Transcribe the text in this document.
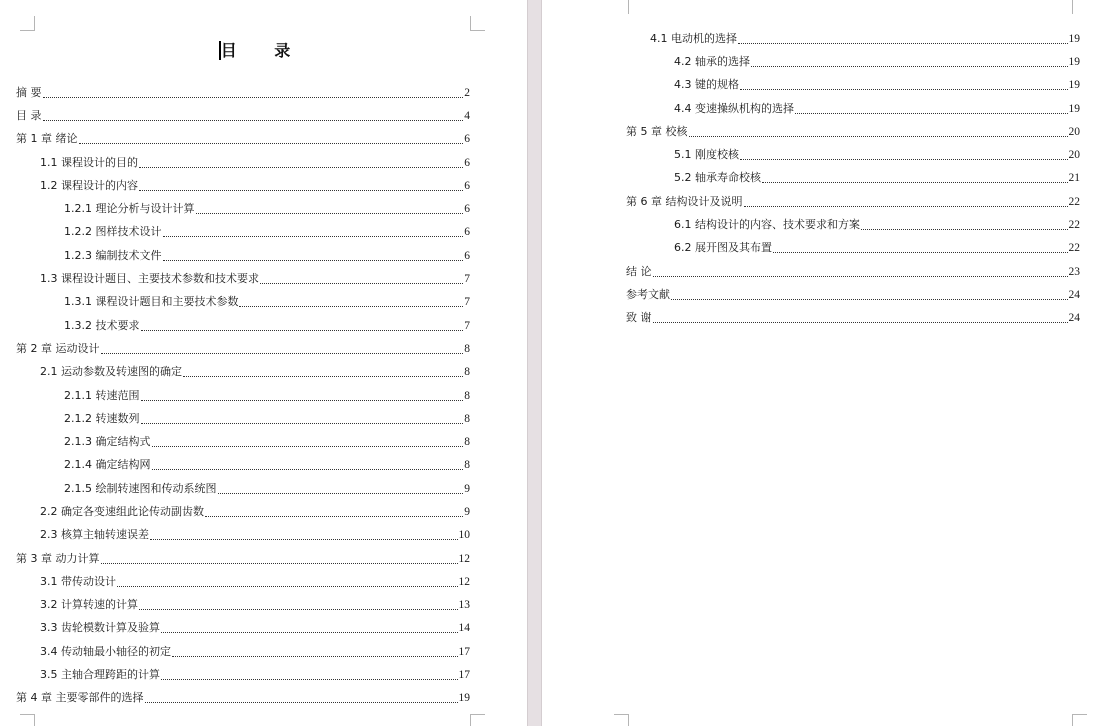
目 录
摘 要	2
目 录	4
第 1 章 绪论	6
1.1 课程设计的目的	6
1.2 课程设计的内容	6
1.2.1 理论分析与设计计算	6
1.2.2 图样技术设计	6
1.2.3 编制技术文件	6
1.3 课程设计题目、主要技术参数和技术要求	7
1.3.1 课程设计题目和主要技术参数	7
1.3.2 技术要求	7
第 2 章 运动设计	8
2.1 运动参数及转速图的确定	8
2.1.1 转速范围	8
2.1.2 转速数列	8
2.1.3 确定结构式	8
2.1.4 确定结构网	8
2.1.5 绘制转速图和传动系统图	9
2.2 确定各变速组此论传动副齿数	9
2.3 核算主轴转速误差	10
第 3 章 动力计算	12
3.1 带传动设计	12
3.2 计算转速的计算	13
3.3 齿轮模数计算及验算	14
3.4 传动轴最小轴径的初定	17
3.5 主轴合理跨距的计算	17
第 4 章 主要零部件的选择	19
4.1 电动机的选择	19
4.2 轴承的选择	19
4.3 键的规格	19
4.4 变速操纵机构的选择	19
第 5 章 校核	20
5.1 刚度校核	20
5.2 轴承寿命校核	21
第 6 章 结构设计及说明	22
6.1 结构设计的内容、技术要求和方案	22
6.2 展开图及其布置	22
结 论	23
参考文献	24
致 谢	24
